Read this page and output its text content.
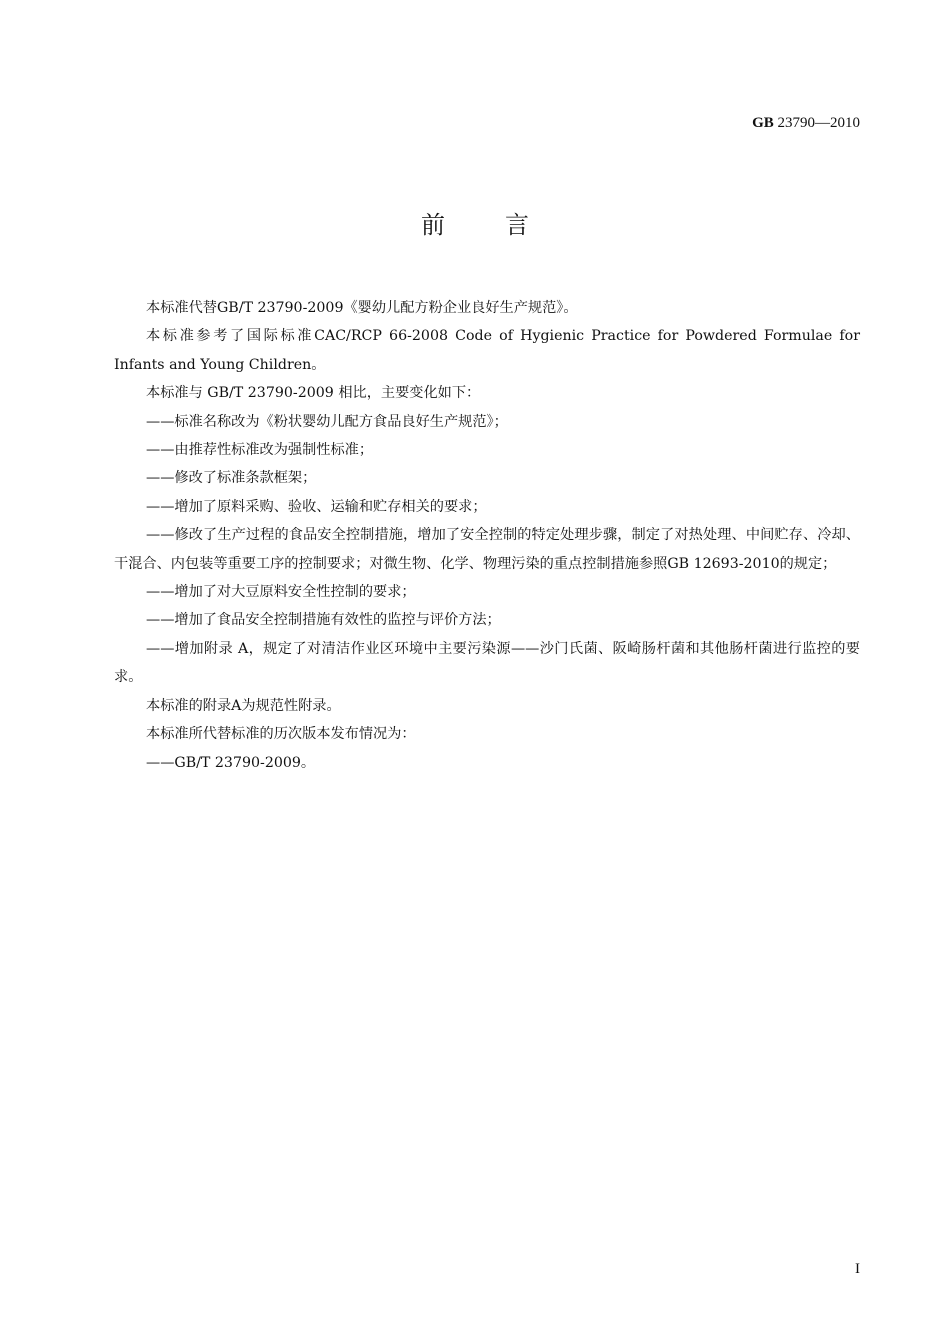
GB 23790—2010
前言

本标准代替GB/T 23790-2009《婴幼儿配方粉企业良好生产规范》。

本标准参考了国际标准CAC/RCP 66-2008 Code of Hygienic Practice for Powdered Formulae for Infants and Young Children。

本标准与 GB/T 23790-2009 相比，主要变化如下：

——标准名称改为《粉状婴幼儿配方食品良好生产规范》；

——由推荐性标准改为强制性标准；

——修改了标准条款框架；

——增加了原料采购、验收、运输和贮存相关的要求；

——修改了生产过程的食品安全控制措施，增加了安全控制的特定处理步骤，制定了对热处理、中间贮存、冷却、干混合、内包装等重要工序的控制要求；对微生物、化学、物理污染的重点控制措施参照GB 12693-2010的规定；

——增加了对大豆原料安全性控制的要求；

——增加了食品安全控制措施有效性的监控与评价方法；

——增加附录 A，规定了对清洁作业区环境中主要污染源——沙门氏菌、阪崎肠杆菌和其他肠杆菌进行监控的要求。

本标准的附录A为规范性附录。

本标准所代替标准的历次版本发布情况为：

——GB/T 23790-2009。

I
